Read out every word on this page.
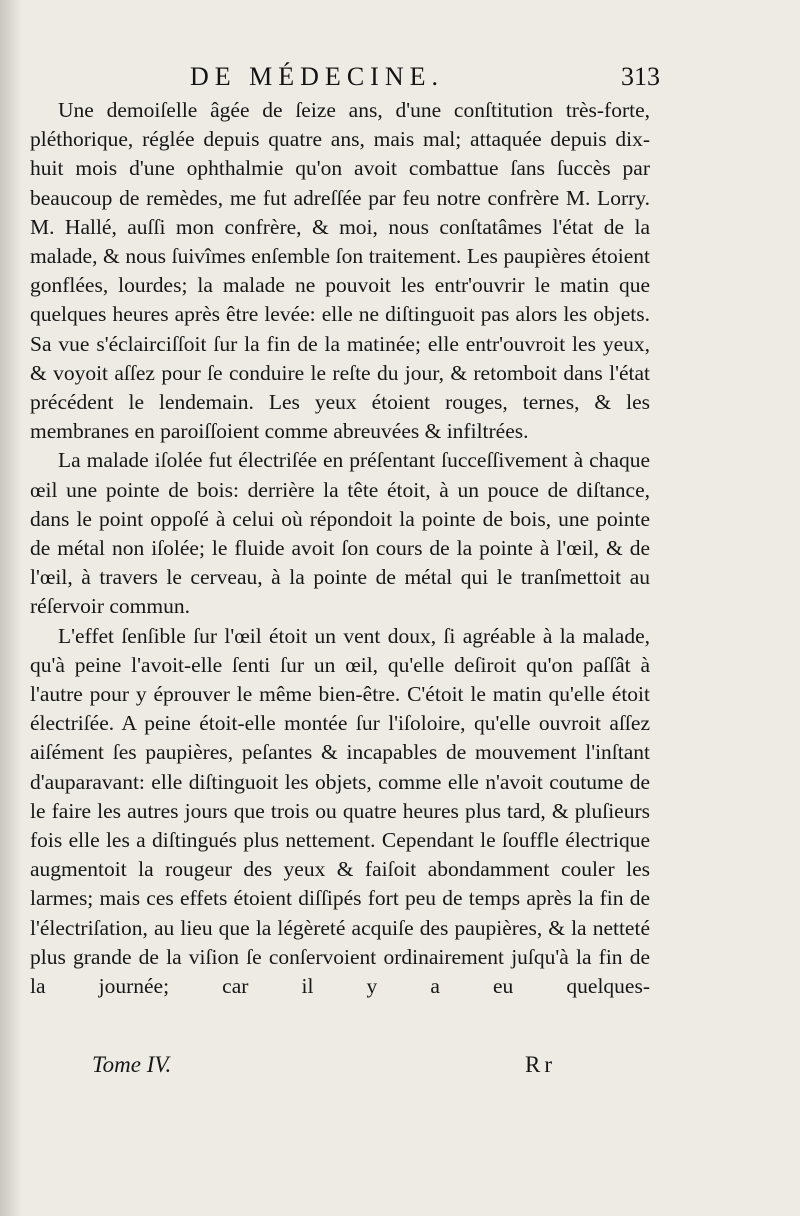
DE MÉDECINE.	313

Une demoiſelle âgée de ſeize ans, d'une conſtitution très-forte, pléthorique, réglée depuis quatre ans, mais mal; attaquée depuis dix-huit mois d'une ophthalmie qu'on avoit combattue ſans ſuccès par beaucoup de remèdes, me fut adreſſée par feu notre confrère M. Lorry. M. Hallé, auſſi mon confrère, & moi, nous conſtatâmes l'état de la malade, & nous ſuivîmes enſemble ſon traitement. Les paupières étoient gonflées, lourdes; la malade ne pouvoit les entr'ouvrir le matin que quelques heures après être levée: elle ne diſtinguoit pas alors les objets. Sa vue s'éclairciſſoit ſur la fin de la matinée; elle entr'ouvroit les yeux, & voyoit aſſez pour ſe conduire le reſte du jour, & retomboit dans l'état précédent le lendemain. Les yeux étoient rouges, ternes, & les membranes en paroiſſoient comme abreuvées & infiltrées.

La malade iſolée fut électriſée en préſentant ſucceſſivement à chaque œil une pointe de bois: derrière la tête étoit, à un pouce de diſtance, dans le point oppoſé à celui où répondoit la pointe de bois, une pointe de métal non iſolée; le fluide avoit ſon cours de la pointe à l'œil, & de l'œil, à travers le cerveau, à la pointe de métal qui le tranſmettoit au réſervoir commun.

L'effet ſenſible ſur l'œil étoit un vent doux, ſi agréable à la malade, qu'à peine l'avoit-elle ſenti ſur un œil, qu'elle deſiroit qu'on paſſât à l'autre pour y éprouver le même bien-être. C'étoit le matin qu'elle étoit électriſée. A peine étoit-elle montée ſur l'iſoloire, qu'elle ouvroit aſſez aiſément ſes paupières, peſantes & incapables de mouvement l'inſtant d'auparavant: elle diſtinguoit les objets, comme elle n'avoit coutume de le faire les autres jours que trois ou quatre heures plus tard, & pluſieurs fois elle les a diſtingués plus nettement. Cependant le ſouffle électrique augmentoit la rougeur des yeux & faiſoit abondamment couler les larmes; mais ces effets étoient diſſipés fort peu de temps après la fin de l'électriſation, au lieu que la légèreté acquiſe des paupières, & la netteté plus grande de la viſion ſe conſervoient ordinairement juſqu'à la fin de la journée; car il y a eu quelques-

Tome IV.	Rr
